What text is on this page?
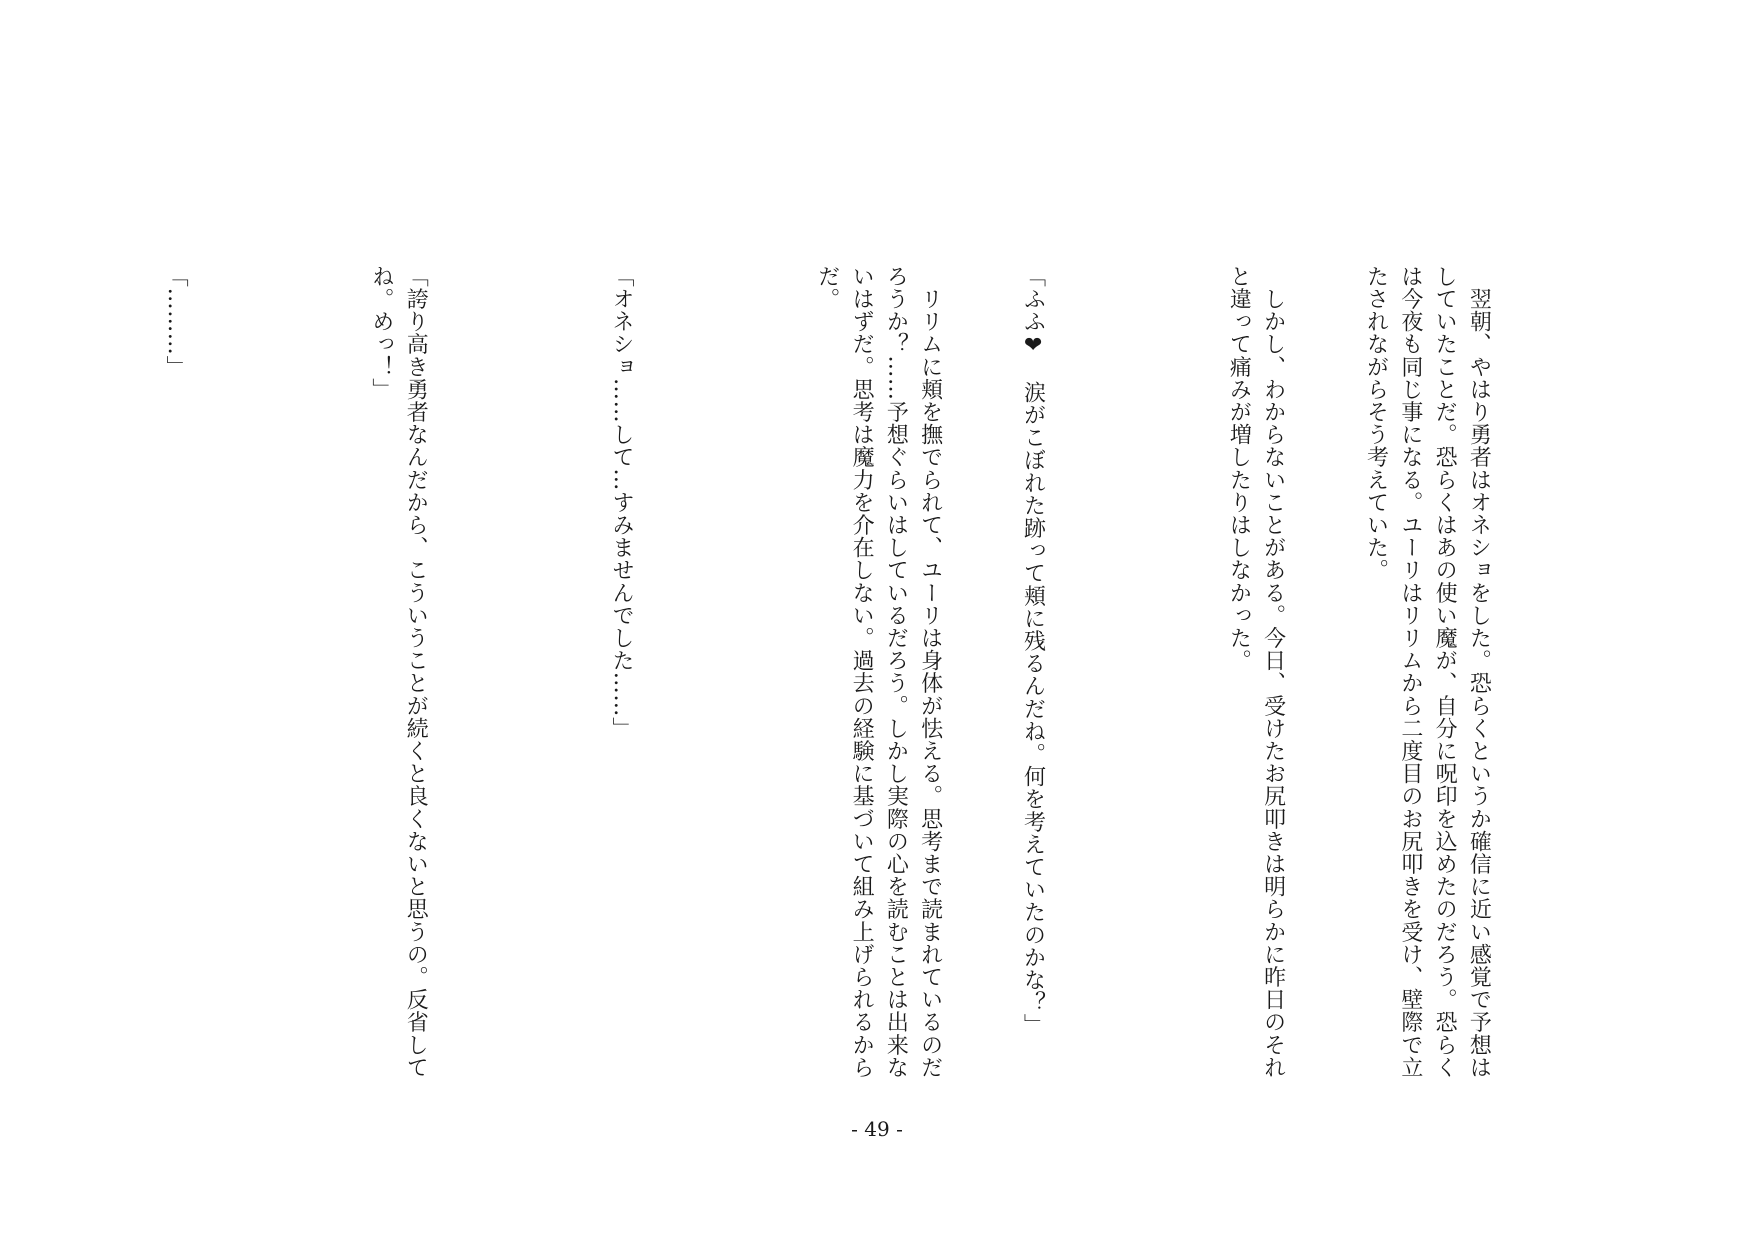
　翌朝、やはり勇者はオネショをした。恐らくというか確信に近い感覚で予想はしていたことだ。恐らくはあの使い魔が、自分に呪印を込めたのだろう。恐らくは今夜も同じ事になる。ユーリはリリムから二度目のお尻叩きを受け、壁際で立たされながらそう考えていた。

　しかし、わからないことがある。今日、受けたお尻叩きは明らかに昨日のそれと違って痛みが増したりはしなかった。

「ふふ❤　涙がこぼれた跡って頬に残るんだね。何を考えていたのかな？」

　リリムに頬を撫でられて、ユーリは身体が怯える。思考まで読まれているのだろうか？……予想ぐらいはしているだろう。しかし実際の心を読むことは出来ないはずだ。思考は魔力を介在しない。過去の経験に基づいて組み上げられるからだ。

「オネショ……して…すみませんでした……」

「誇り高き勇者なんだから、こういうことが続くと良くないと思うの。反省してね。めっ！」

「………」

- 49 -
